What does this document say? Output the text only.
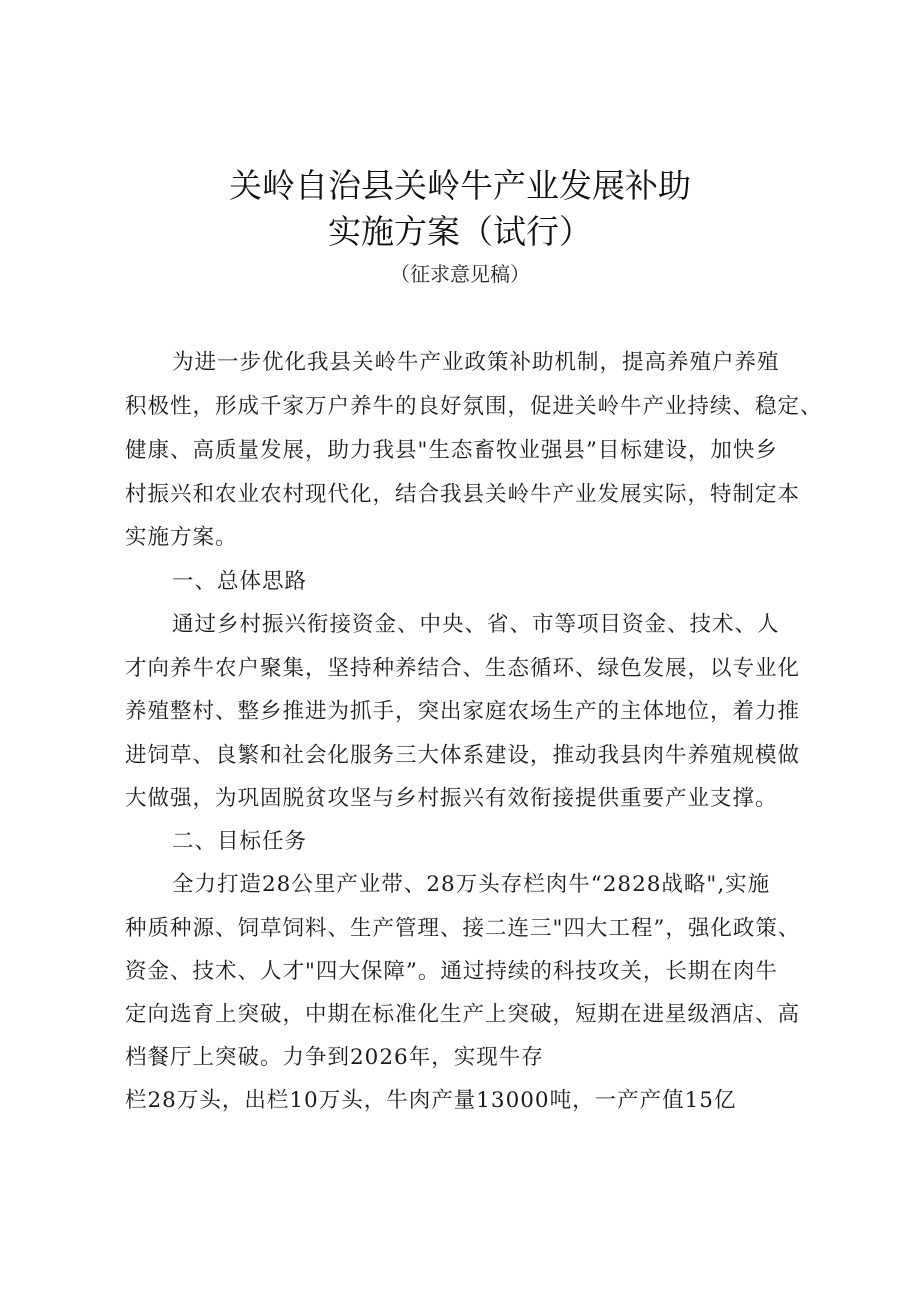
关岭自治县关岭牛产业发展补助
实施方案（试行）
（征求意见稿）
为进一步优化我县关岭牛产业政策补助机制，提高养殖户养殖
积极性，形成千家万户养牛的良好氛围，促进关岭牛产业持续、稳定、
健康、高质量发展，助力我县"生态畜牧业强县”目标建设，加快乡
村振兴和农业农村现代化，结合我县关岭牛产业发展实际，特制定本
实施方案。
一、总体思路
通过乡村振兴衔接资金、中央、省、市等项目资金、技术、人
才向养牛农户聚集，坚持种养结合、生态循环、绿色发展，以专业化
养殖整村、整乡推进为抓手，突出家庭农场生产的主体地位，着力推
进饲草、良繁和社会化服务三大体系建设，推动我县肉牛养殖规模做
大做强，为巩固脱贫攻坚与乡村振兴有效衔接提供重要产业支撑。
二、目标任务
全力打造28公里产业带、28万头存栏肉牛“2828战略",实施
种质种源、饲草饲料、生产管理、接二连三"四大工程”，强化政策、
资金、技术、人才"四大保障”。通过持续的科技攻关，长期在肉牛
定向选育上突破，中期在标准化生产上突破，短期在进星级酒店、高
档餐厅上突破。力争到2026年，实现牛存
栏28万头，出栏10万头，牛肉产量13000吨，一产产值15亿
